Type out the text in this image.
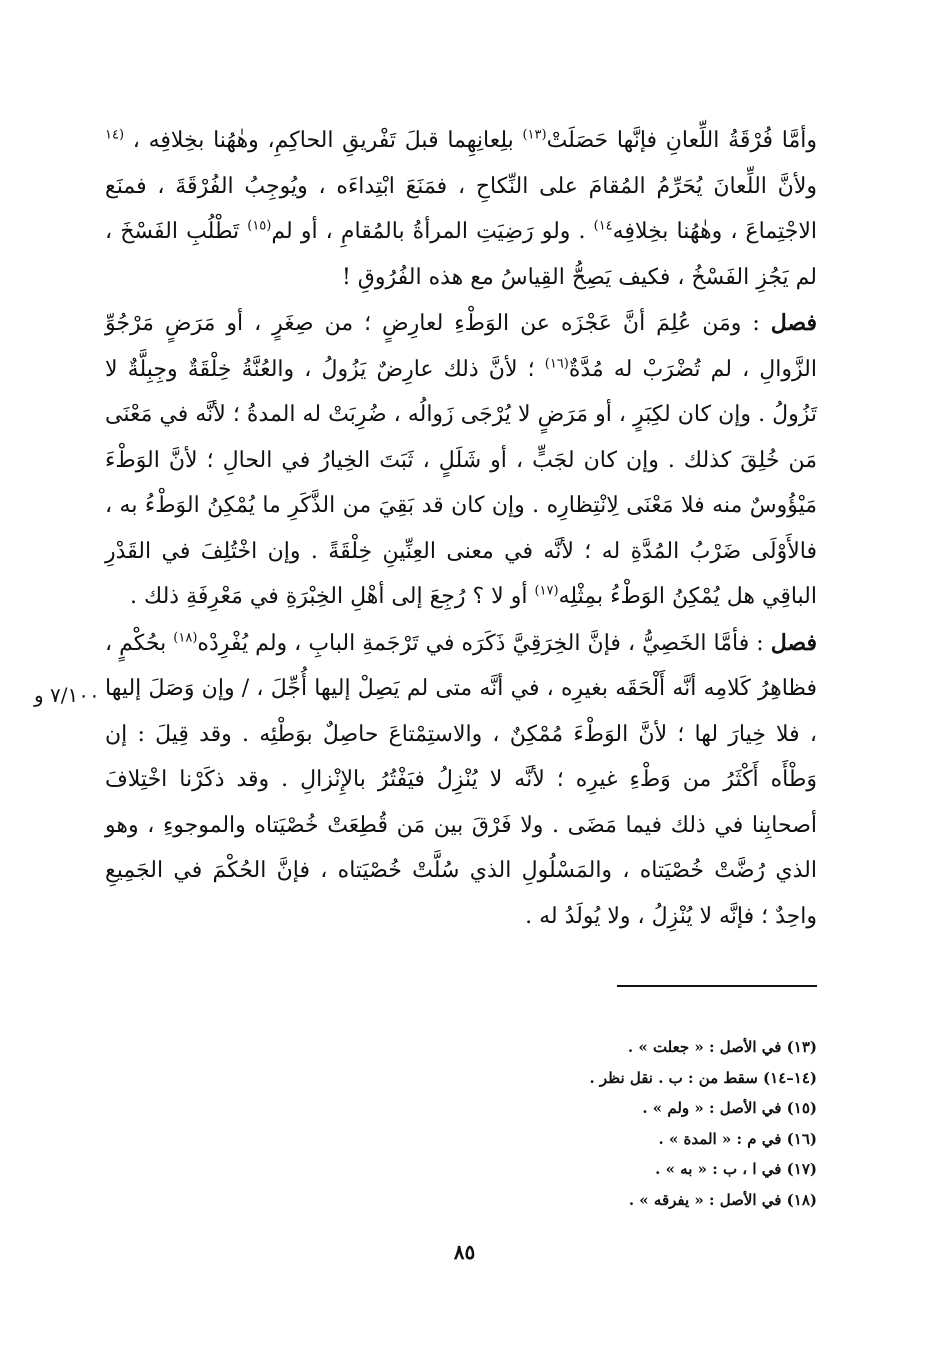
وأمَّا فُرْقَةُ اللِّعانِ فإنَّها حَصَلَتْ$^{(١٣)}$ بلِعانِهِما قبلَ تَفْريقِ الحاكِمِ، وهٰهُنا بخِلافِه ، $^{(١٤}$ ولأنَّ اللِّعانَ يُحَرِّمُ المُقامَ على النِّكاحِ ، فمَنَعَ ابْتِداءَه ، ويُوجِبُ الفُرْقَةَ ، فمنَع الاجْتِماعَ ، وهٰهُنا بخِلافِه$^{١٤)}$ . ولو رَضِيَتِ المرأةُ بالمُقامِ ، أو لم$^{(١٥)}$ تَطْلُبِ الفَسْخَ ، لم يَجُزِ الفَسْخُ ، فكيف يَصِحُّ القِياسُ مع هذه الفُرُوقِ !

فصل : ومَن عُلِمَ أنَّ عَجْزَه عن الوَطْءِ لعارِضٍ ؛ من صِغَرٍ ، أو مَرَضٍ مَرْجُوِّ الزَّوالِ ، لم تُضْرَبْ له مُدَّةٌ$^{(١٦)}$ ؛ لأنَّ ذلك عارِضٌ يَزُولُ ، والعُنَّةُ خِلْقَةٌ وجِبِلَّةٌ لا تَزُولُ . وإن كان لكِبَرٍ ، أو مَرَضٍ لا يُرْجَى زَوالُه ، ضُرِبَتْ له المدةُ ؛ لأنَّه في مَعْنَى مَن خُلِقَ كذلك . وإن كان لجَبٍّ ، أو شَلَلٍ ، ثَبَتَ الخِيارُ في الحالِ ؛ لأنَّ الوَطْءَ مَيْؤُوسٌ منه فلا مَعْنَى لِانْتِظارِه . وإن كان قد بَقِيَ من الذَّكَرِ ما يُمْكِنُ الوَطْءُ به ، فالأَوْلَى ضَرْبُ المُدَّةِ له ؛ لأنَّه في معنى العِنِّينِ خِلْقَةً . وإن اخْتُلِفَ في القَدْرِ الباقِي هل يُمْكِنُ الوَطْءُ بمِثْلِه$^{(١٧)}$ أو لا ؟ رُجِعَ إلى أهْلِ الخِبْرَةِ في مَعْرِفَةِ ذلك .

فصل : فأمَّا الخَصِيُّ ، فإنَّ الخِرَقِيَّ ذَكَرَه في تَرْجَمةِ البابِ ، ولم يُفْرِدْه$^{(١٨)}$ بحُكْمٍ ، فظاهِرُ كَلامِه أنَّه أَلْحَقَه بغيرِه ، في أنَّه متى لم يَصِلْ إليها أُجِّلَ ، / وإن وَصَلَ إليها ، فلا خِيارَ لها ؛ لأنَّ الوَطْءَ مُمْكِنٌ ، والاستِمْتاعَ حاصِلٌ بوَطْئِه . وقد قِيلَ : إن وَطْأَه أَكْثَرُ من وَطْءِ غيرِه ؛ لأنَّه لا يُنْزِلُ فيَفْتُرُ بالإِنْزالِ . وقد ذكَرْنا اخْتِلافَ أصحابِنا في ذلك فيما مَضَى . ولا فَرْقَ بين مَن قُطِعَتْ خُصْيَتاه والموجوءِ ، وهو الذي رُضَّتْ خُصْيَتاه ، والمَسْلُولِ الذي سُلَّتْ خُصْيَتاه ، فإنَّ الحُكْمَ في الجَمِيعِ واحِدٌ ؛ فإنَّه لا يُنْزِلُ ، ولا يُولَدُ له .

٧/١٠٠ و
(١٣) في الأصل : « جعلت » .
(١٤–١٤) سقط من : ب . نقل نظر .
(١٥) في الأصل : « ولم » .
(١٦) في م : « المدة » .
(١٧) في ا ، ب : « به » .
(١٨) في الأصل : « يفرقه » .
٨٥
